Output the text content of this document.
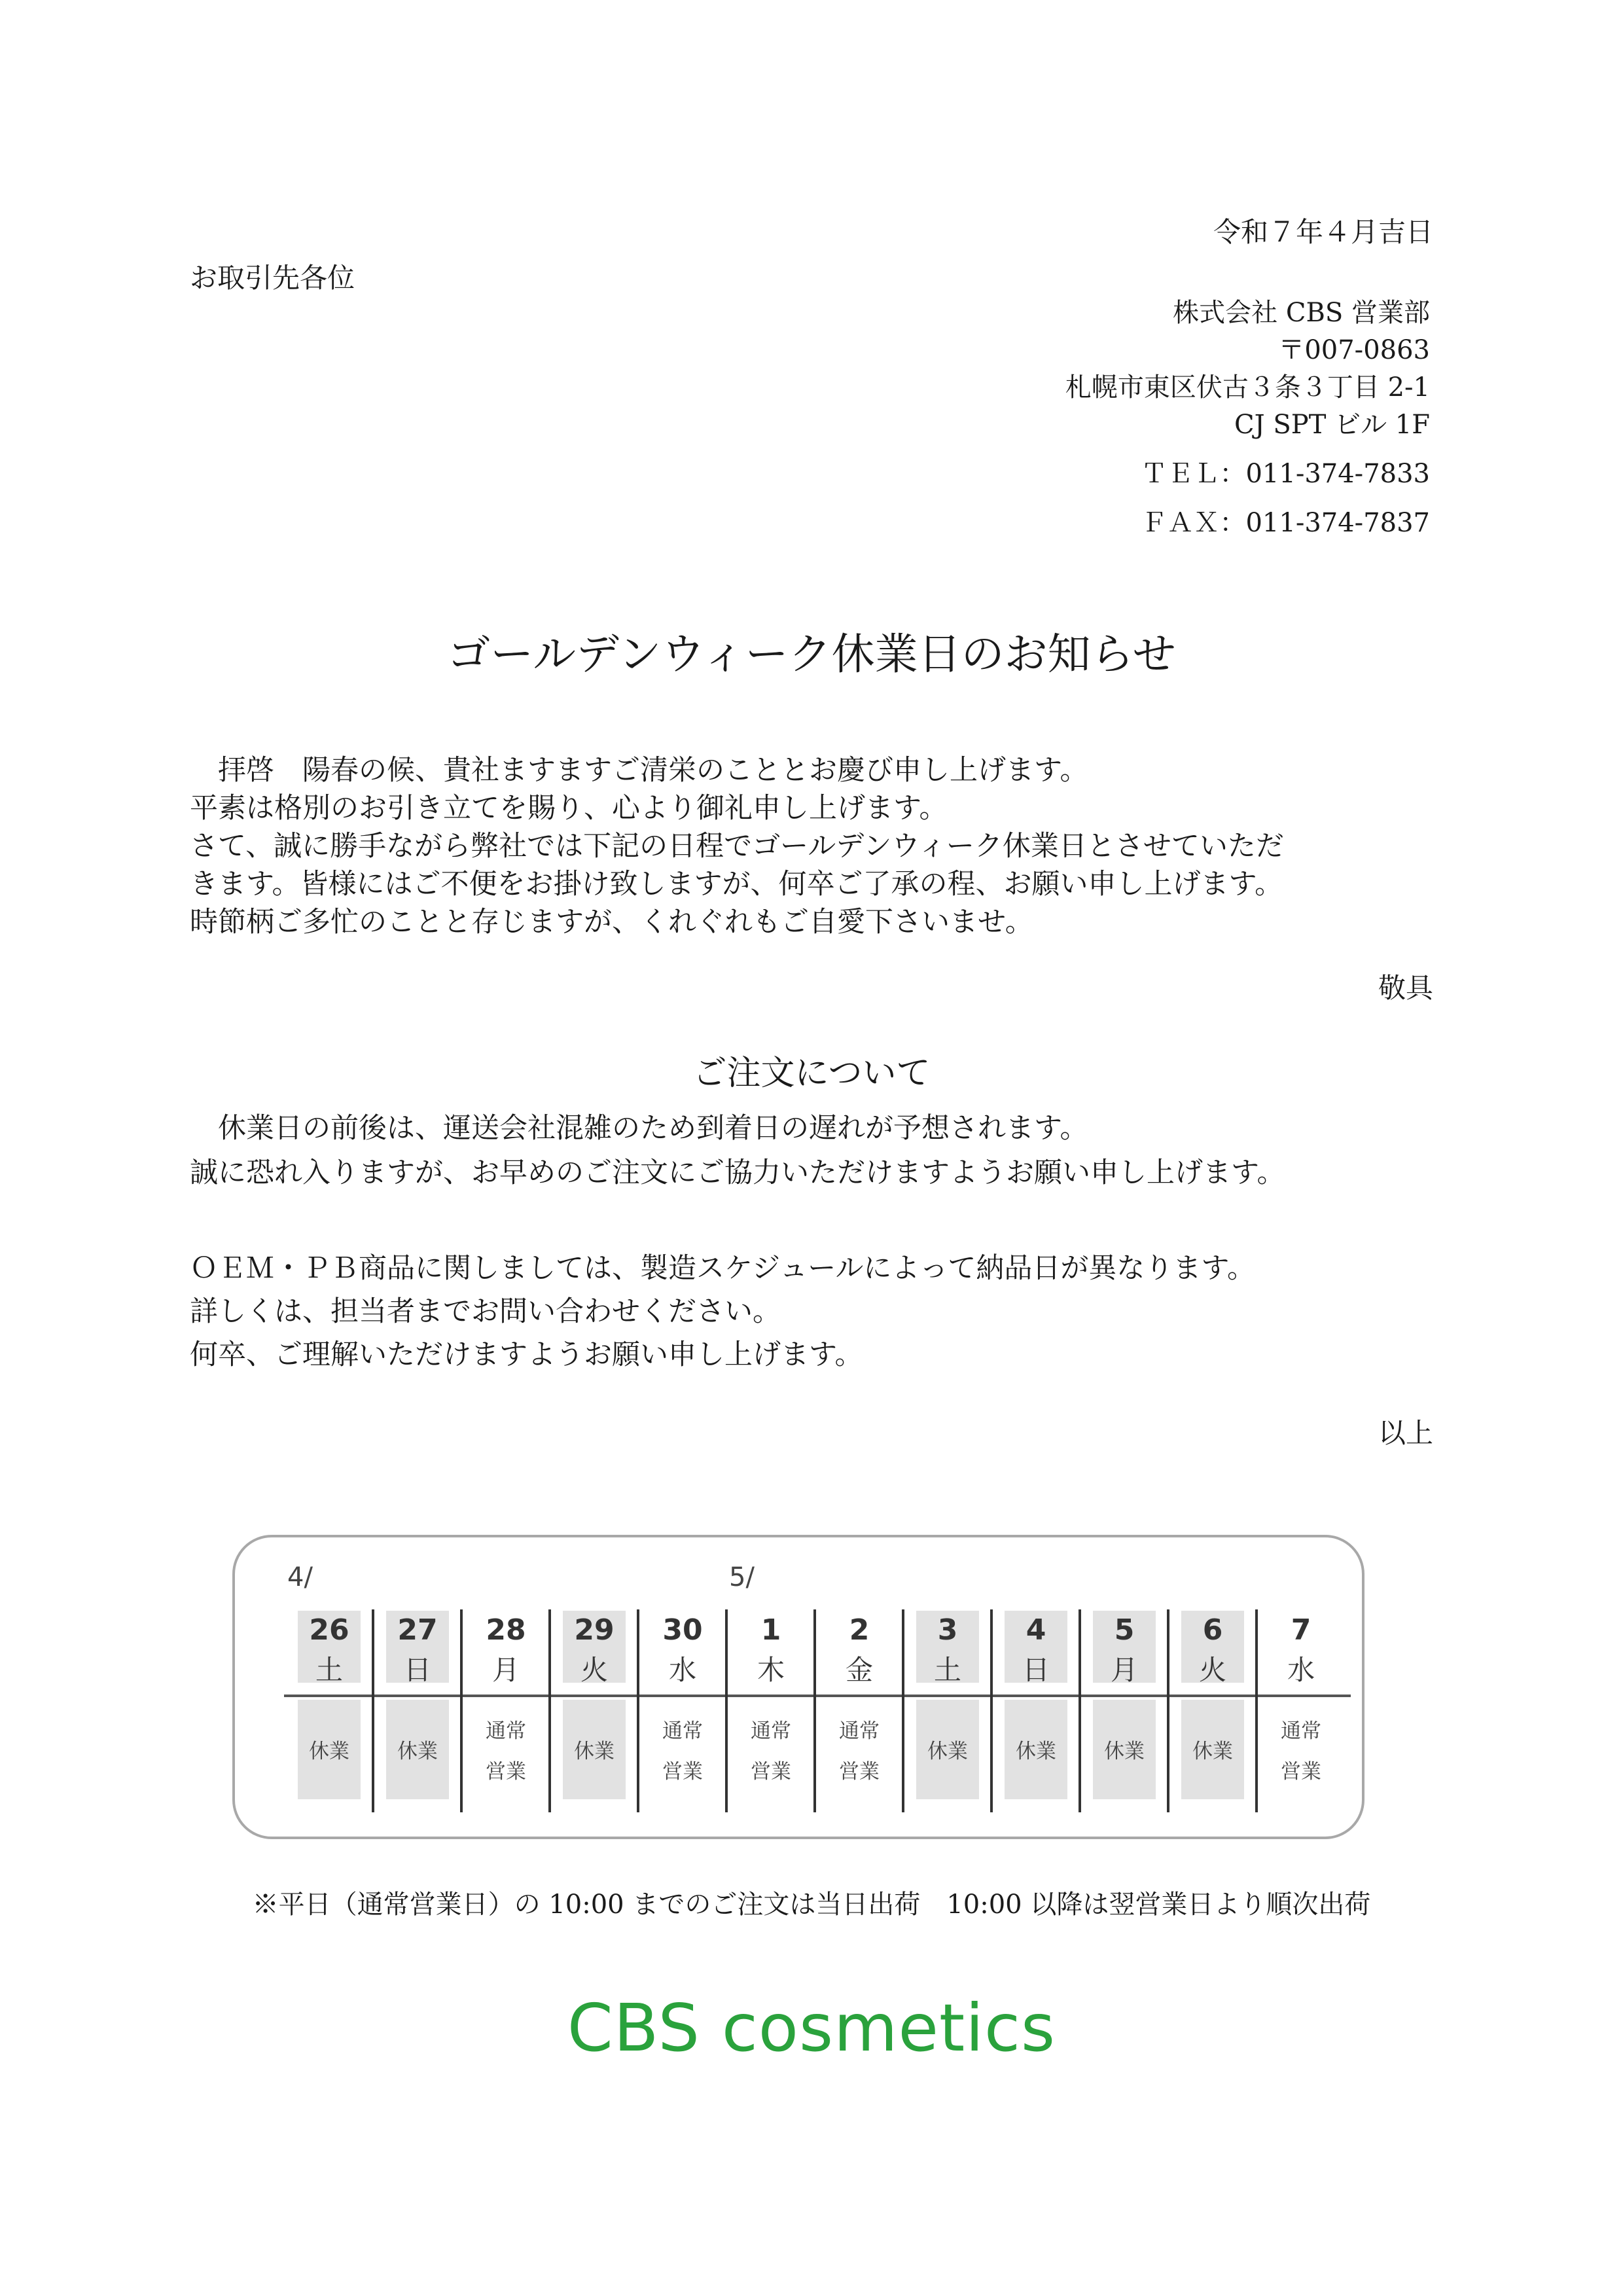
令和７年４月吉日
お取引先各位
株式会社 CBS 営業部
〒007-0863
札幌市東区伏古３条３丁目 2-1
CJ SPT ビル 1F
ＴＥＬ：011-374-7833
ＦＡＸ：011-374-7837
ゴールデンウィーク休業日のお知らせ
　拝啓　陽春の候、貴社ますますご清栄のこととお慶び申し上げます。
平素は格別のお引き立てを賜り、心より御礼申し上げます。
さて、誠に勝手ながら弊社では下記の日程でゴールデンウィーク休業日とさせていただ
きます。皆様にはご不便をお掛け致しますが、何卒ご了承の程、お願い申し上げます。
時節柄ご多忙のことと存じますが、くれぐれもご自愛下さいませ。
敬具
ご注文について
　休業日の前後は、運送会社混雑のため到着日の遅れが予想されます。
誠に恐れ入りますが、お早めのご注文にご協力いただけますようお願い申し上げます。
ＯＥＭ・ＰＢ商品に関しましては、製造スケジュールによって納品日が異なります。
詳しくは、担当者までお問い合わせください。
何卒、ご理解いただけますようお願い申し上げます。
以上
4/	5/
26
土
休業
27
日
休業
28
月
通常
営業
29
火
休業
30
水
通常
営業
1
木
通常
営業
2
金
通常
営業
3
土
休業
4
日
休業
5
月
休業
6
火
休業
7
水
通常
営業
※平日（通常営業日）の 10:00 までのご注文は当日出荷　10:00 以降は翌営業日より順次出荷
CBS cosmetics
